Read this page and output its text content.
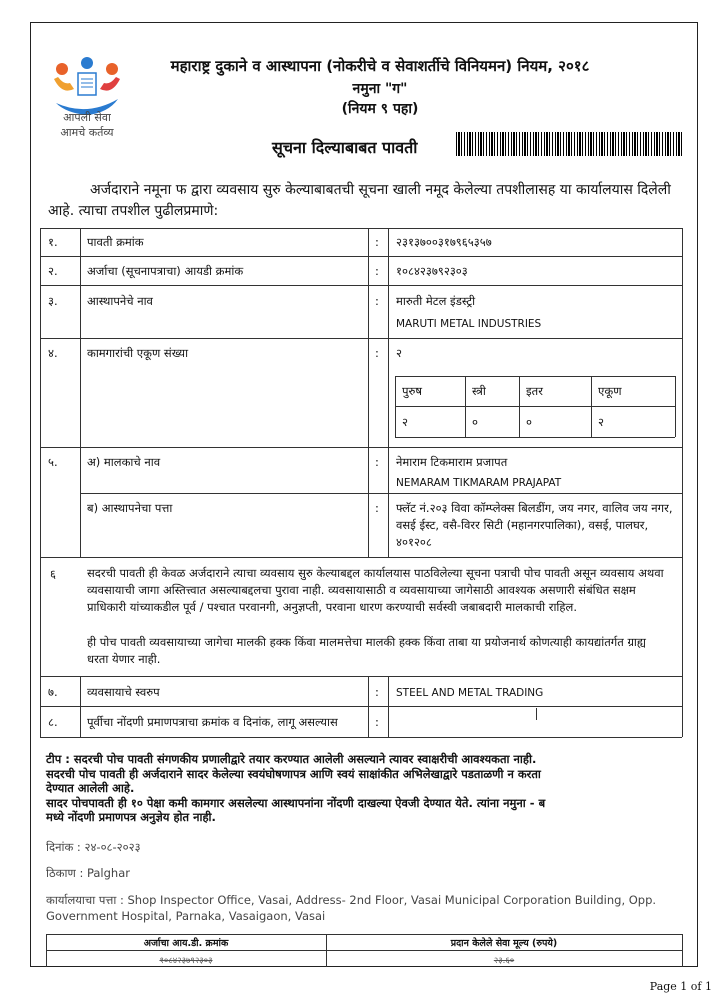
आपली सेवा
आमचे कर्तव्य
महाराष्ट्र दुकाने व आस्थापना (नोकरीचे व सेवाशर्तीचे विनियमन) नियम, २०१८
नमुना "ग"
(नियम ९ पहा)
सूचना दिल्याबाबत पावती
अर्जदाराने नमूना फ द्वारा व्यवसाय सुरु केल्याबाबतची सूचना खाली नमूद केलेल्या तपशीलासह या कार्यालयास दिलेली आहे. त्याचा तपशील पुढीलप्रमाणे:
१.	पावती क्रमांक	: २३१३७००३१७९६५३५७
२.	अर्जाचा (सूचनापत्राचा) आयडी क्रमांक	: १०८४२३७९२३०३
३.	आस्थापनेचे नाव	: मारुती मेटल इंडस्ट्री
MARUTI METAL INDUSTRIES
४.	कामगारांची एकूण संख्या	: २
पुरुष	स्त्री	इतर	एकूण
२	०	०	२
५.	अ) मालकाचे नाव	: नेमाराम टिकमाराम प्रजापत
NEMARAM TIKMARAM PRAJAPAT
ब) आस्थापनेचा पत्ता	: फ्लॅट नं.२०३ विवा कॉम्प्लेक्स बिलडींग, जय नगर, वालिव जय नगर, वसई ईस्ट, वसै-विरर सिटी (महानगरपालिका), वसई, पालघर, ४०१२०८
६	सदरची पावती ही केवळ अर्जदाराने त्याचा व्यवसाय सुरु केल्याबद्दल कार्यालयास पाठविलेल्या सूचना पत्राची पोच पावती असून व्यवसाय अथवा व्यवसायाची जागा अस्तित्त्वात असल्याबद्दलचा पुरावा नाही. व्यवसायासाठी व व्यवसायाच्या जागेसाठी आवश्यक असणारी संबंधित सक्षम प्राधिकारी यांच्याकडील पूर्व / पश्चात परवानगी, अनुज्ञप्ती, परवाना धारण करण्याची सर्वस्वी जबाबदारी मालकाची राहिल.
ही पोच पावती व्यवसायाच्या जागेचा मालकी हक्क किंवा मालमत्तेचा मालकी हक्क किंवा ताबा या प्रयोजनार्थ कोणत्याही कायद्यांतर्गत ग्राह्य धरता येणार नाही.
७.	व्यवसायाचे स्वरुप	: STEEL AND METAL TRADING
८.	पूर्वीचा नोंदणी प्रमाणपत्राचा क्रमांक व दिनांक, लागू असल्यास	:
टीप : सदरची पोच पावती संगणकीय प्रणालीद्वारे तयार करण्यात आलेली असल्याने त्यावर स्वाक्षरीची आवश्यकता नाही.
सदरची पोच पावती ही अर्जदाराने सादर केलेल्या स्वयंघोषणापत्र आणि स्वयं साक्षांकीत अभिलेखाद्वारे पडताळणी न करता
देण्यात आलेली आहे.
सादर पोचपावती ही १० पेक्षा कमी कामगार असलेल्या आस्थापनांना नोंदणी दाखल्या ऐवजी देण्यात येते. त्यांना नमुना - ब
मध्ये नोंदणी प्रमाणपत्र अनुज्ञेय होत नाही.
दिनांक : २४-०८-२०२३
ठिकाण : Palghar
कार्यालयाचा पत्ता : Shop Inspector Office, Vasai, Address- 2nd Floor, Vasai Municipal Corporation Building, Opp. Government Hospital, Parnaka, Vasaigaon, Vasai
अर्जाचा आय.डी. क्रमांक	प्रदान केलेले सेवा मूल्य (रुपये)
१०८४२३७९२३०३	२३.६०
Page 1 of 1
